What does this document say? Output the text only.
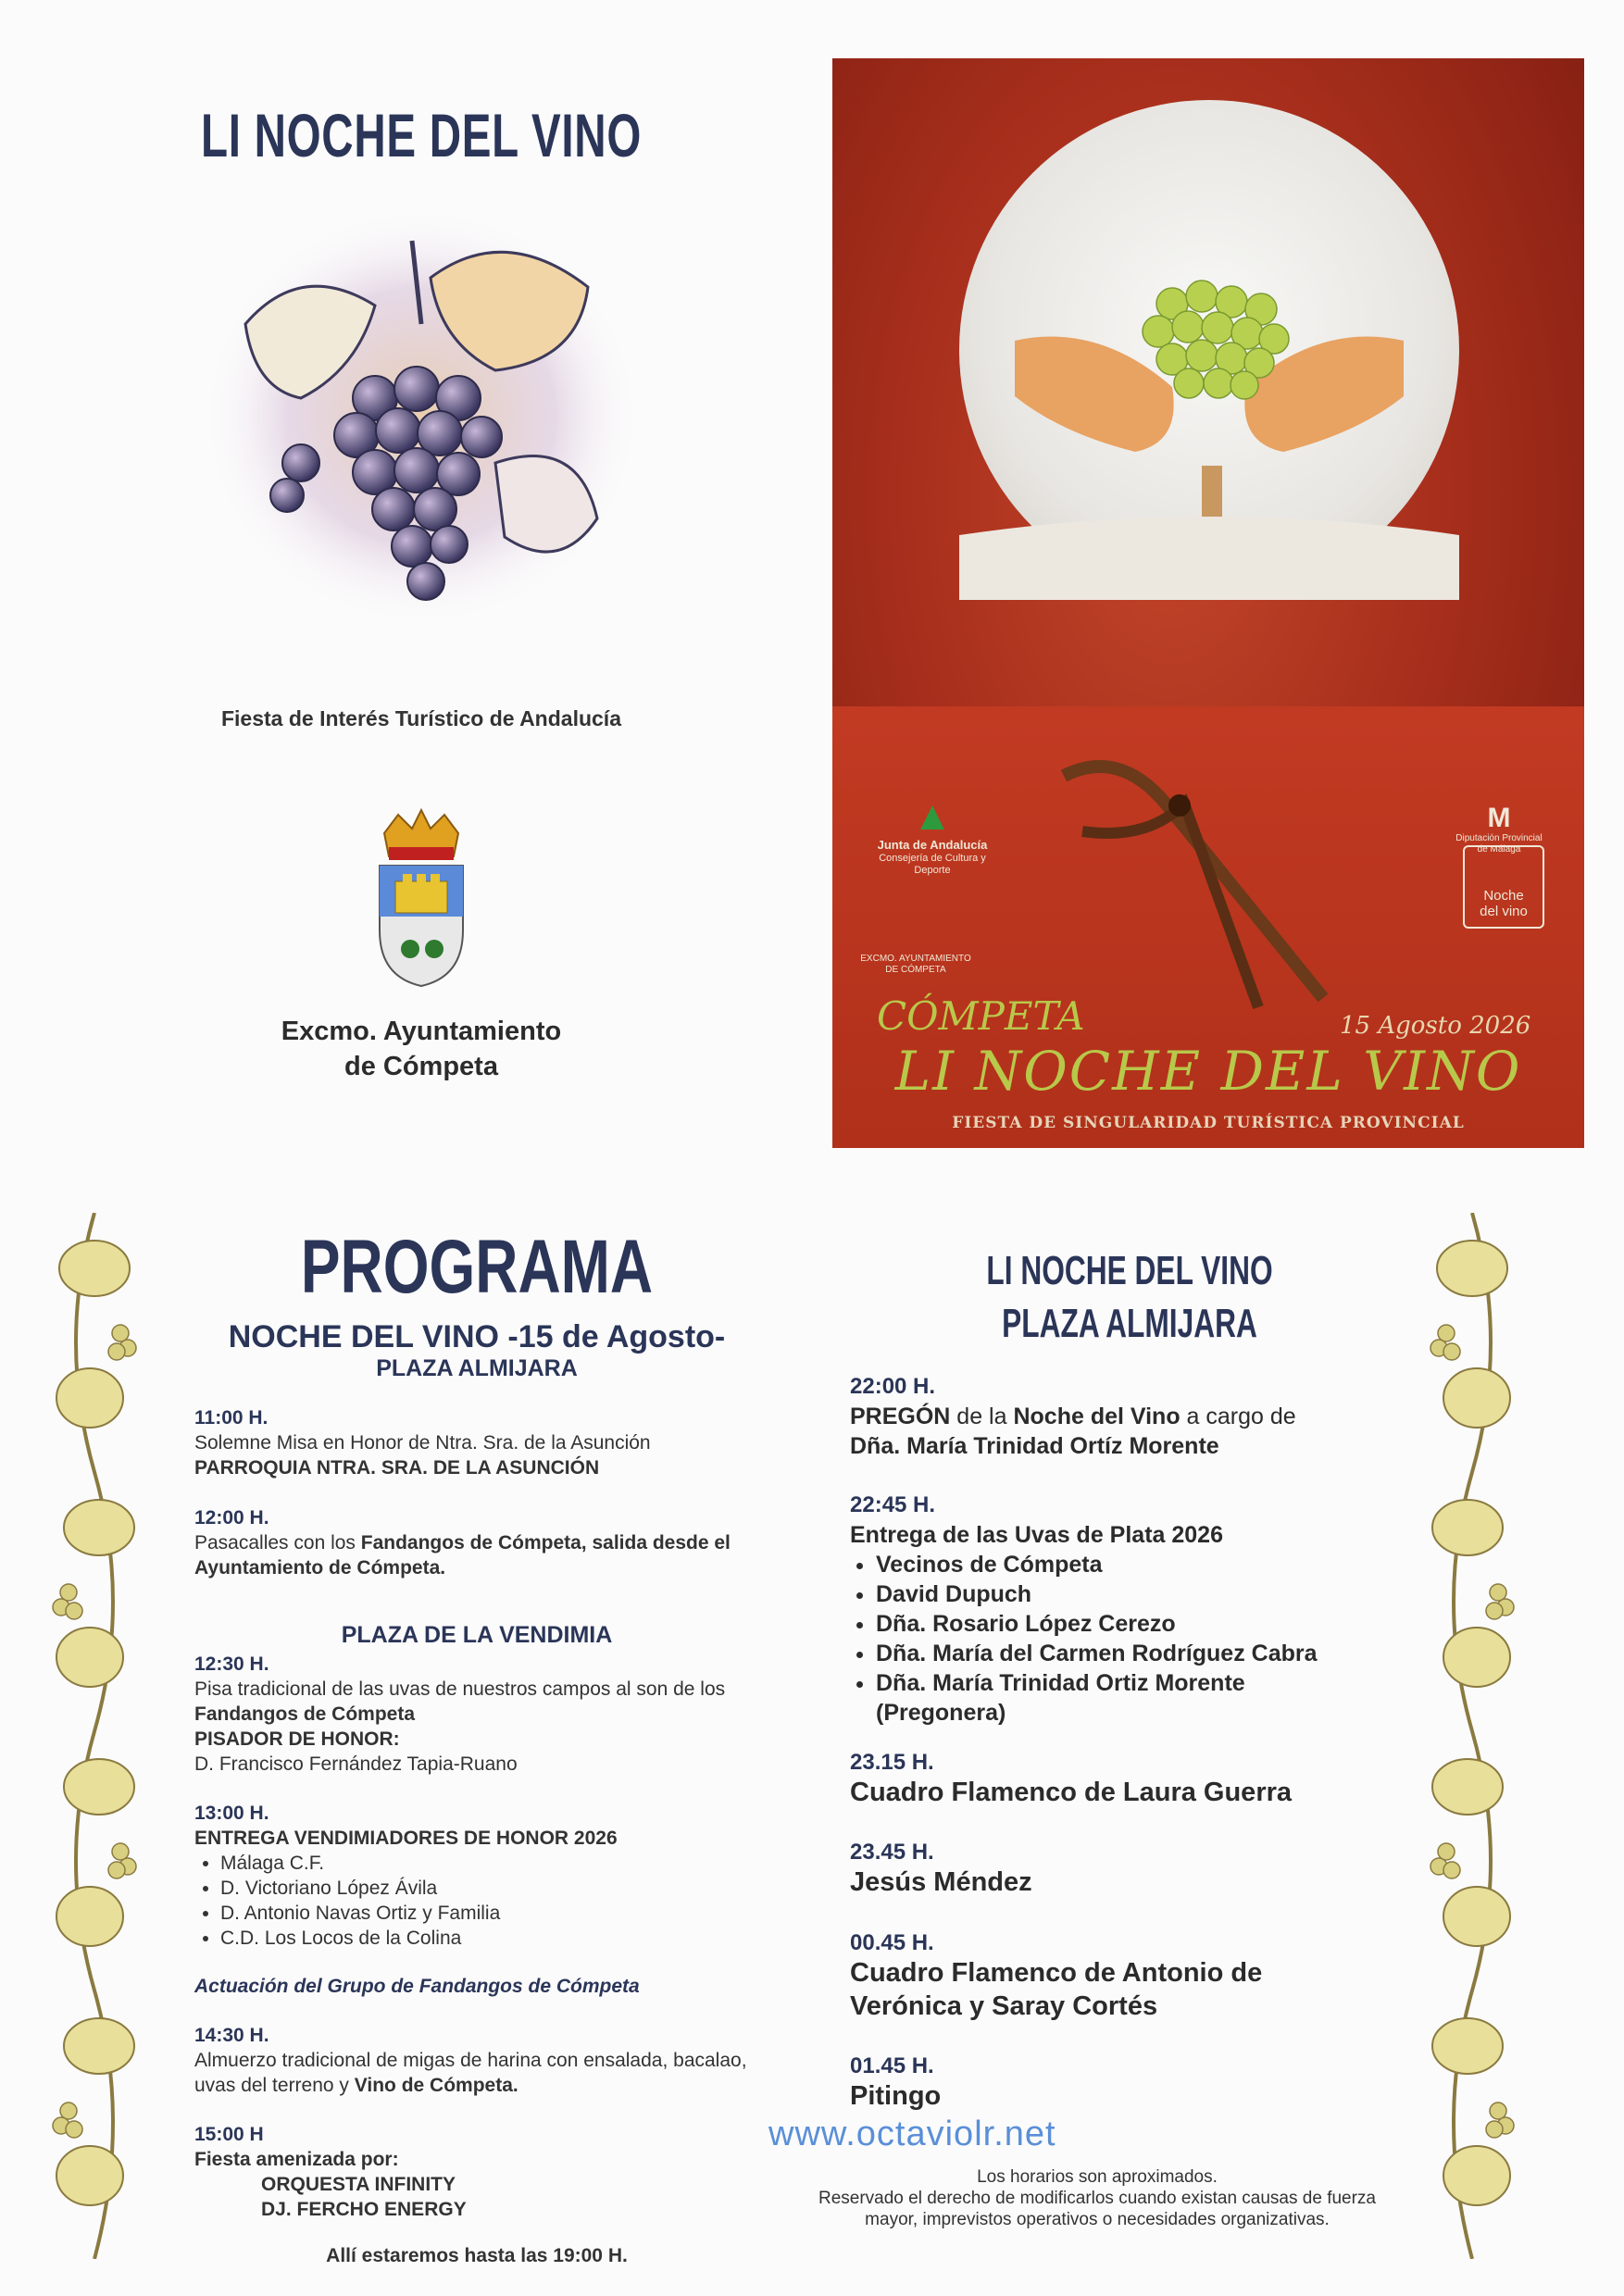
LI NOCHE DEL VINO
Fiesta de Interés Turístico de Andalucía
Excmo. Ayuntamiento
de Cómpeta
▲
Junta de Andalucía
Consejería de Cultura y Deporte
EXCMO. AYUNTAMIENTO
DE CÓMPETA
M
Diputación Provincial
de Málaga
Noche
del vino
CÓMPETA	15 Agosto 2026
LI NOCHE DEL VINO
FIESTA DE SINGULARIDAD TURÍSTICA PROVINCIAL
PROGRAMA
NOCHE DEL VINO -15 de Agosto-
PLAZA ALMIJARA
11:00 H.
Solemne Misa en Honor de Ntra. Sra. de la Asunción
PARROQUIA NTRA. SRA. DE LA ASUNCIÓN
12:00 H.
Pasacalles con los Fandangos de Cómpeta, salida desde el Ayuntamiento de Cómpeta.
PLAZA DE LA VENDIMIA
12:30 H.
Pisa tradicional de las uvas de nuestros campos al son de los Fandangos de Cómpeta
PISADOR DE HONOR:
D. Francisco Fernández Tapia-Ruano
13:00 H.
ENTREGA VENDIMIADORES DE HONOR 2026
• Málaga C.F.
• D. Victoriano López Ávila
• D. Antonio Navas Ortiz y Familia
• C.D. Los Locos de la Colina
Actuación del Grupo de Fandangos de Cómpeta
14:30 H.
Almuerzo tradicional de migas de harina con ensalada, bacalao, uvas del terreno y Vino de Cómpeta.
15:00 H
Fiesta amenizada por:
ORQUESTA INFINITY
DJ. FERCHO ENERGY
Allí estaremos hasta las 19:00 H.
LI NOCHE DEL VINO
PLAZA ALMIJARA
22:00 H.
PREGÓN de la Noche del Vino a cargo de
Dña. María Trinidad Ortíz Morente
22:45 H.
Entrega de las Uvas de Plata 2026
• Vecinos de Cómpeta
• David Dupuch
• Dña. Rosario López Cerezo
• Dña. María del Carmen Rodríguez Cabra
• Dña. María Trinidad Ortiz Morente
(Pregonera)
23.15 H.
Cuadro Flamenco de Laura Guerra
23.45 H.
Jesús Méndez
00.45 H.
Cuadro Flamenco de Antonio de
Verónica y Saray Cortés
01.45 H.
Pitingo
www.octaviolr.net
Los horarios son aproximados.
Reservado el derecho de modificarlos cuando existan causas de fuerza mayor, imprevistos operativos o necesidades organizativas.
